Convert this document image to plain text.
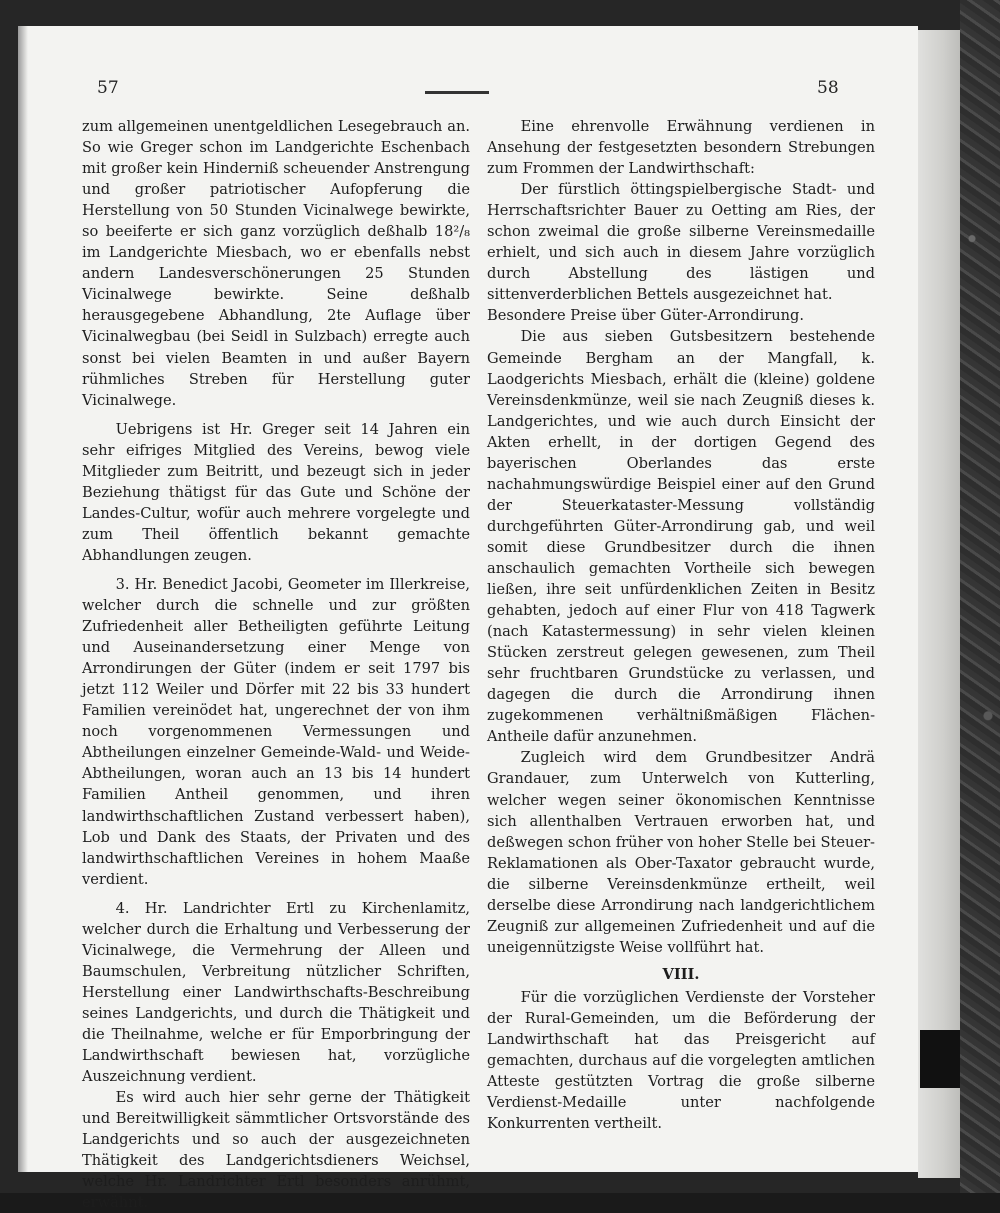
57	58

zum allgemeinen unentgeldlichen Lesegebrauch an. So wie Greger schon im Landgerichte Eschenbach mit großer kein Hinderniß scheuender Anstrengung und großer patriotischer Aufopferung die Herstellung von 50 Stunden Vicinalwege bewirkte, so beeiferte er sich ganz vorzüglich deßhalb 18²/₈ im Landgerichte Miesbach, wo er ebenfalls nebst andern Landesverschönerungen 25 Stunden Vicinalwege bewirkte. Seine deßhalb herausgegebene Abhandlung, 2te Auflage über Vicinalwegbau (bei Seidl in Sulzbach) erregte auch sonst bei vielen Beamten in und außer Bayern rühmliches Streben für Herstellung guter Vicinalwege.

Uebrigens ist Hr. Greger seit 14 Jahren ein sehr eifriges Mitglied des Vereins, bewog viele Mitglieder zum Beitritt, und bezeugt sich in jeder Beziehung thätigst für das Gute und Schöne der Landes-Cultur, wofür auch mehrere vorgelegte und zum Theil öffentlich bekannt gemachte Abhandlungen zeugen.

3. Hr. Benedict Jacobi, Geometer im Illerkreise, welcher durch die schnelle und zur größten Zufriedenheit aller Betheiligten geführte Leitung und Auseinandersetzung einer Menge von Arrondirungen der Güter (indem er seit 1797 bis jetzt 112 Weiler und Dörfer mit 22 bis 33 hundert Familien vereinödet hat, ungerechnet der von ihm noch vorgenommenen Vermessungen und Abtheilungen einzelner Gemeinde-Wald- und Weide-Abtheilungen, woran auch an 13 bis 14 hundert Familien Antheil genommen, und ihren landwirthschaftlichen Zustand verbessert haben), Lob und Dank des Staats, der Privaten und des landwirthschaftlichen Vereines in hohem Maaße verdient.

4. Hr. Landrichter Ertl zu Kirchenlamitz, welcher durch die Erhaltung und Verbesserung der Vicinalwege, die Vermehrung der Alleen und Baumschulen, Verbreitung nützlicher Schriften, Herstellung einer Landwirthschafts-Beschreibung seines Landgerichts, und durch die Thätigkeit und die Theilnahme, welche er für Emporbringung der Landwirthschaft bewiesen hat, vorzügliche Auszeichnung verdient.

Es wird auch hier sehr gerne der Thätigkeit und Bereitwilligkeit sämmtlicher Ortsvorstände des Landgerichts und so auch der ausgezeichneten Thätigkeit des Landgerichtsdieners Weichsel, welche Hr. Landrichter Ertl besonders anrühmt, erwähnt.

Eine ehrenvolle Erwähnung verdienen in Ansehung der festgesetzten besondern Strebungen zum Frommen der Landwirthschaft:

Der fürstlich öttingspielbergische Stadt- und Herrschaftsrichter Bauer zu Oetting am Ries, der schon zweimal die große silberne Vereinsmedaille erhielt, und sich auch in diesem Jahre vorzüglich durch Abstellung des lästigen und sittenverderblichen Bettels ausgezeichnet hat.

Besondere Preise über Güter-Arrondirung.

Die aus sieben Gutsbesitzern bestehende Gemeinde Bergham an der Mangfall, k. Laodgerichts Miesbach, erhält die (kleine) goldene Vereinsdenkmünze, weil sie nach Zeugniß dieses k. Landgerichtes, und wie auch durch Einsicht der Akten erhellt, in der dortigen Gegend des bayerischen Oberlandes das erste nachahmungswürdige Beispiel einer auf den Grund der Steuerkataster-Messung vollständig durchgeführten Güter-Arrondirung gab, und weil somit diese Grundbesitzer durch die ihnen anschaulich gemachten Vortheile sich bewegen ließen, ihre seit unfürdenklichen Zeiten in Besitz gehabten, jedoch auf einer Flur von 418 Tagwerk (nach Katastermessung) in sehr vielen kleinen Stücken zerstreut gelegen gewesenen, zum Theil sehr fruchtbaren Grundstücke zu verlassen, und dagegen die durch die Arrondirung ihnen zugekommenen verhältnißmäßigen Flächen-Antheile dafür anzunehmen.

Zugleich wird dem Grundbesitzer Andrä Grandauer, zum Unterwelch von Kutterling, welcher wegen seiner ökonomischen Kenntnisse sich allenthalben Vertrauen erworben hat, und deßwegen schon früher von hoher Stelle bei Steuer-Reklamationen als Ober-Taxator gebraucht wurde, die silberne Vereinsdenkmünze ertheilt, weil derselbe diese Arrondirung nach landgerichtlichem Zeugniß zur allgemeinen Zufriedenheit und auf die uneigennützigste Weise vollführt hat.

VIII.

Für die vorzüglichen Verdienste der Vorsteher der Rural-Gemeinden, um die Beförderung der Landwirthschaft hat das Preisgericht auf gemachten, durchaus auf die vorgelegten amtlichen Atteste gestützten Vortrag die große silberne Verdienst-Medaille unter nachfolgende Konkurrenten vertheilt.
